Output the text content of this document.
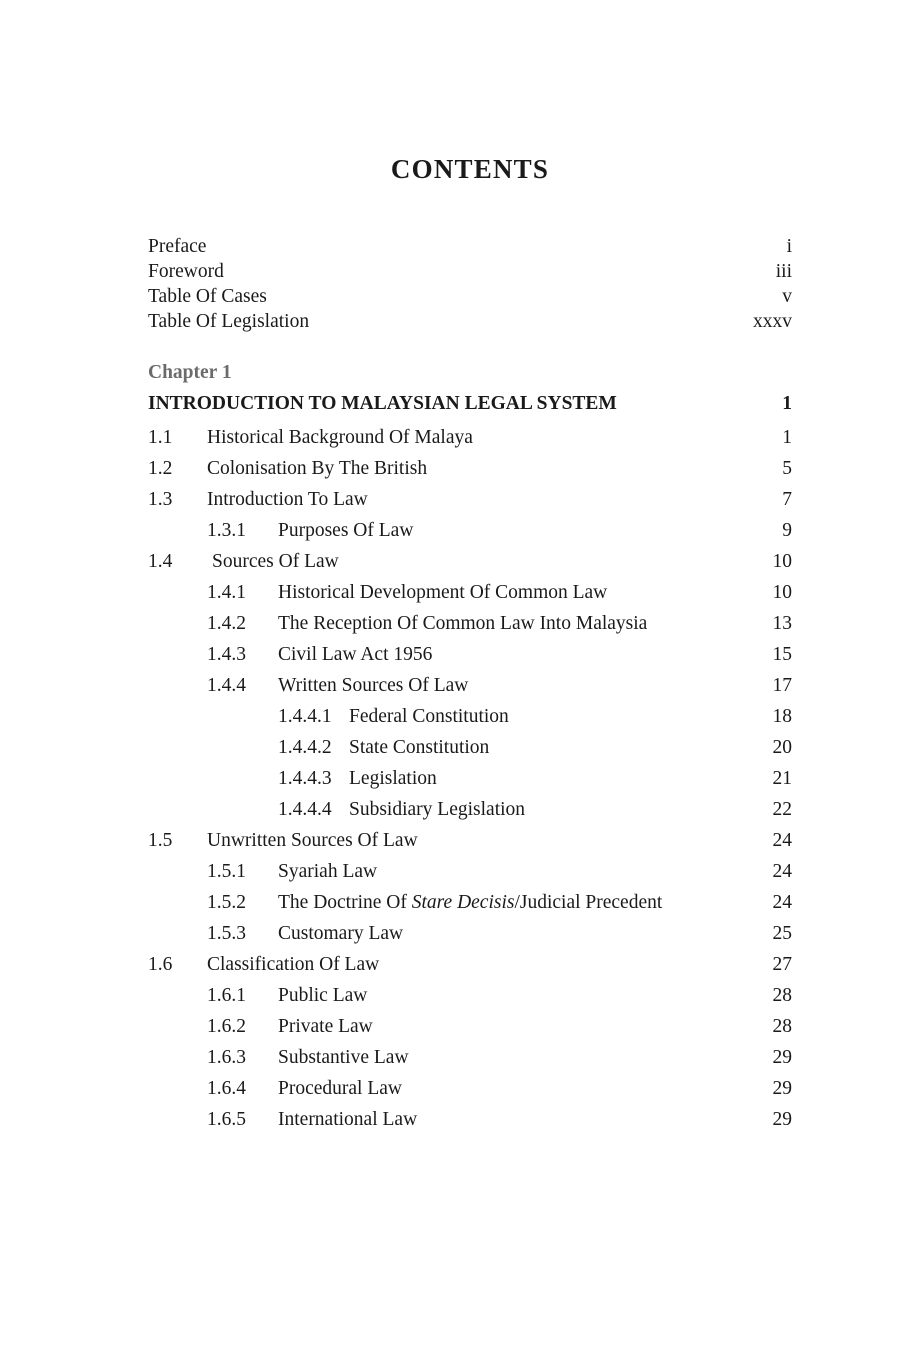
CONTENTS
Preface	i
Foreword	iii
Table Of Cases	v
Table Of Legislation	xxxv
Chapter 1
INTRODUCTION TO MALAYSIAN LEGAL SYSTEM	1
1.1 Historical Background Of Malaya	1
1.2 Colonisation By The British	5
1.3 Introduction To Law	7
1.3.1 Purposes Of Law	9
1.4 Sources Of Law	10
1.4.1 Historical Development Of Common Law	10
1.4.2 The Reception Of Common Law Into Malaysia	13
1.4.3 Civil Law Act 1956	15
1.4.4 Written Sources Of Law	17
1.4.4.1 Federal Constitution	18
1.4.4.2 State Constitution	20
1.4.4.3 Legislation	21
1.4.4.4 Subsidiary Legislation	22
1.5 Unwritten Sources Of Law	24
1.5.1 Syariah Law	24
1.5.2 The Doctrine Of Stare Decisis/Judicial Precedent	24
1.5.3 Customary Law	25
1.6 Classification Of Law	27
1.6.1 Public Law	28
1.6.2 Private Law	28
1.6.3 Substantive Law	29
1.6.4 Procedural Law	29
1.6.5 International Law	29
